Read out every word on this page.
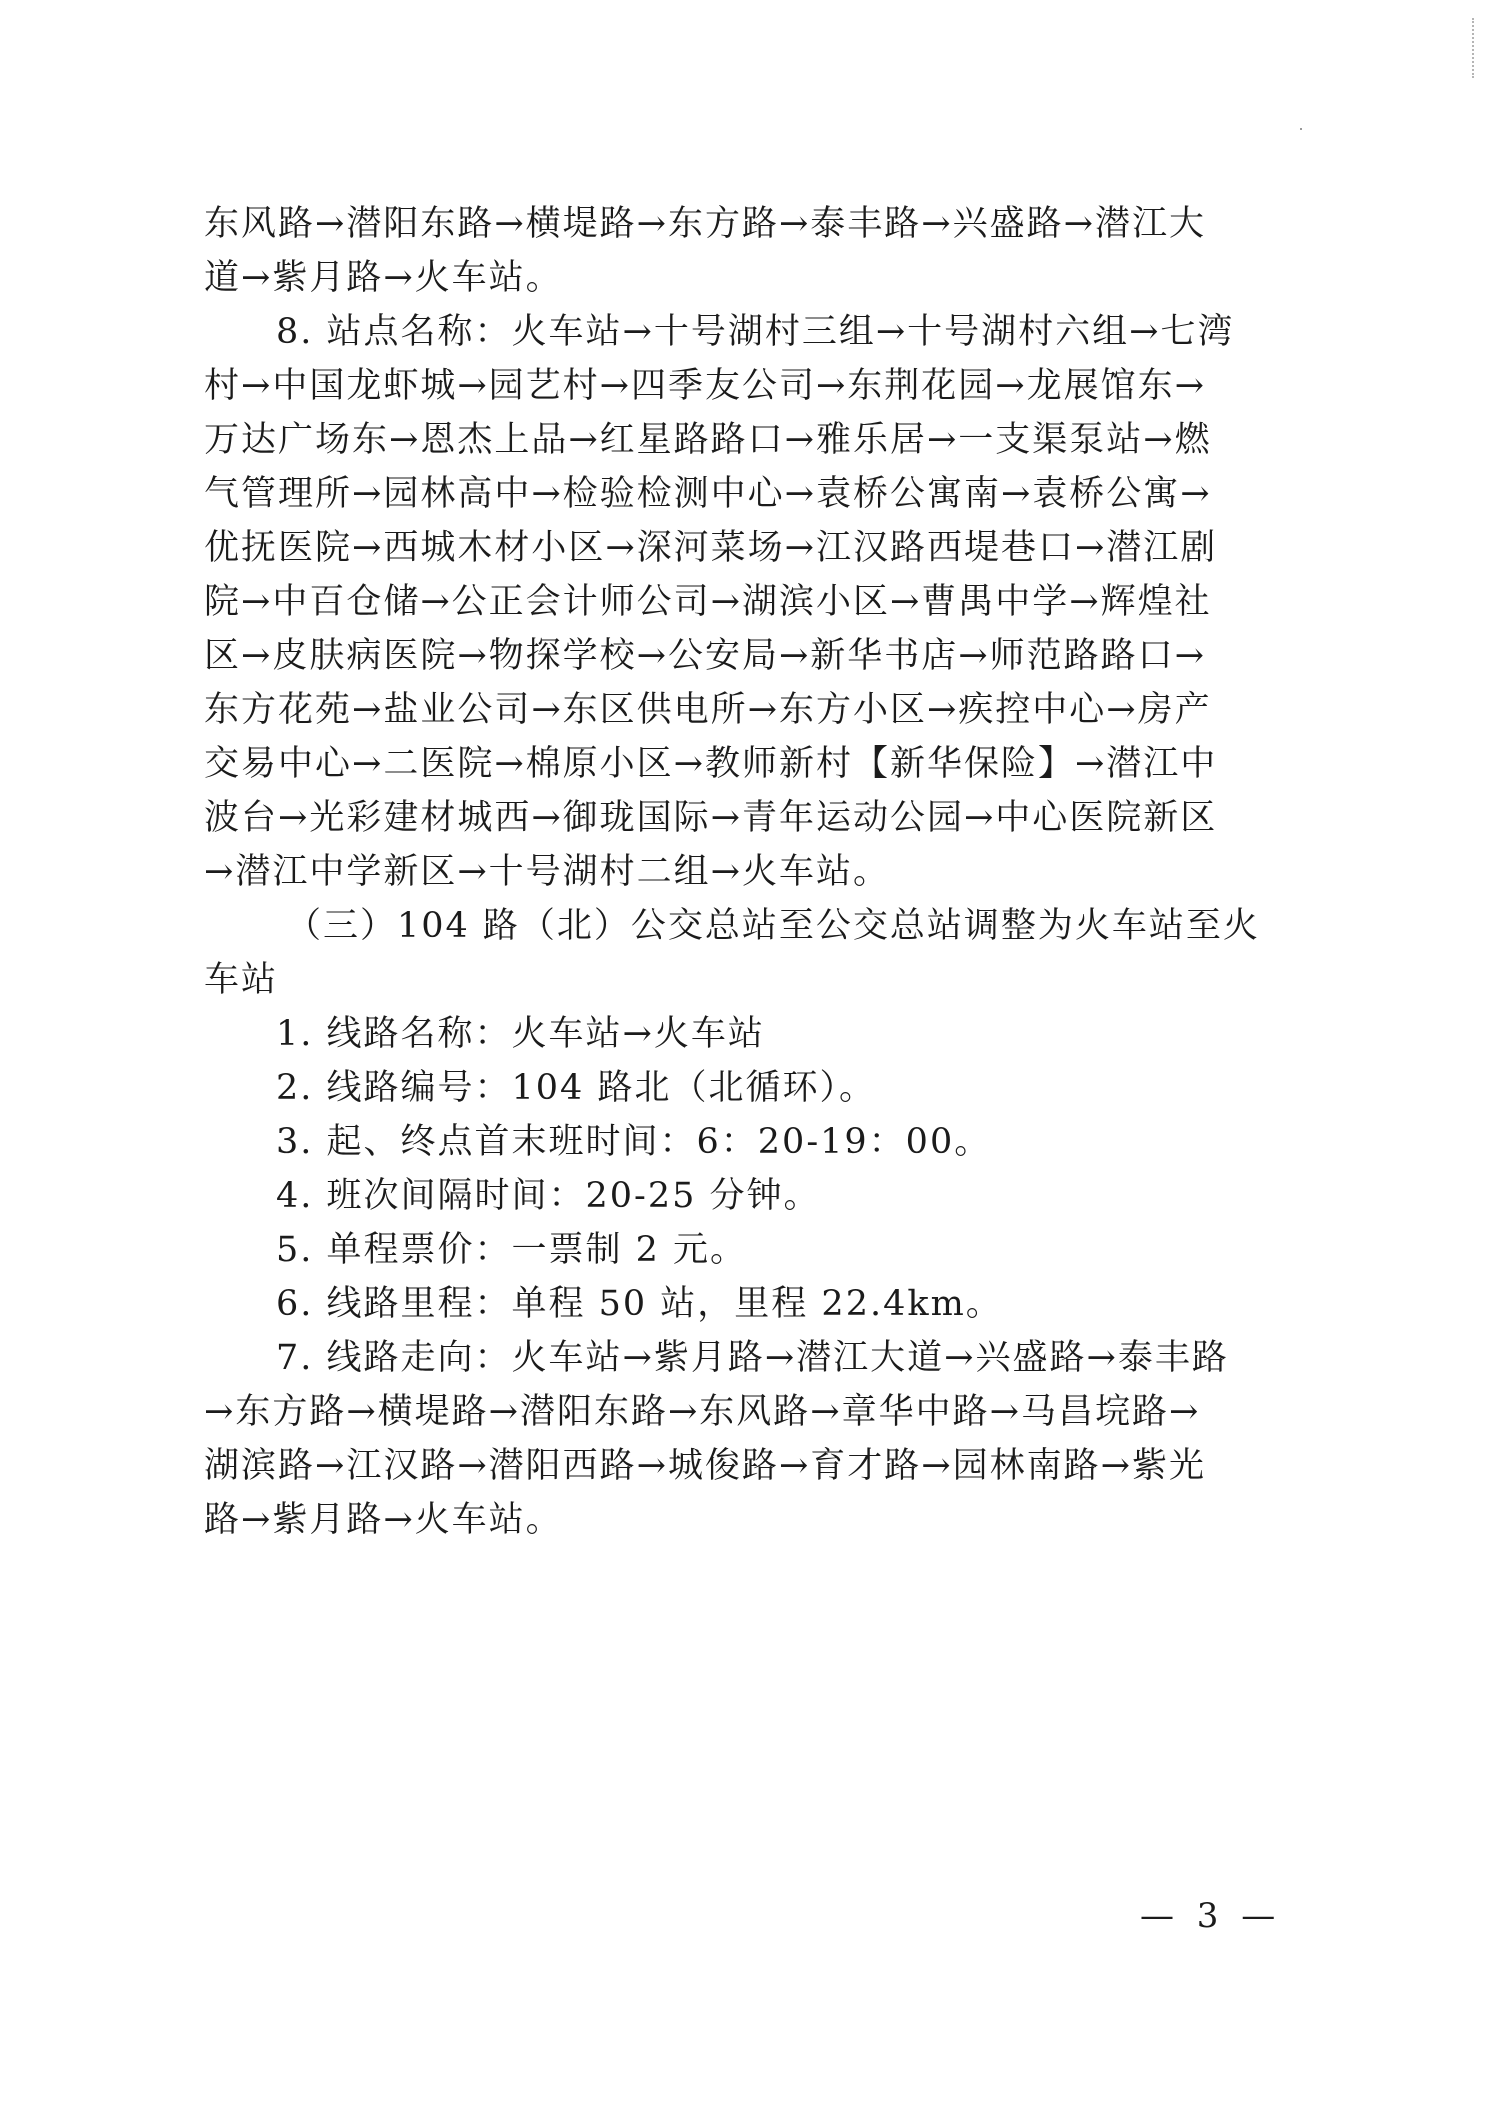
东风路→潜阳东路→横堤路→东方路→泰丰路→兴盛路→潜江大
道→紫月路→火车站。
8. 站点名称：火车站→十号湖村三组→十号湖村六组→七湾
村→中国龙虾城→园艺村→四季友公司→东荆花园→龙展馆东→
万达广场东→恩杰上品→红星路路口→雅乐居→一支渠泵站→燃
气管理所→园林高中→检验检测中心→袁桥公寓南→袁桥公寓→
优抚医院→西城木材小区→深河菜场→江汉路西堤巷口→潜江剧
院→中百仓储→公正会计师公司→湖滨小区→曹禺中学→辉煌社
区→皮肤病医院→物探学校→公安局→新华书店→师范路路口→
东方花苑→盐业公司→东区供电所→东方小区→疾控中心→房产
交易中心→二医院→棉原小区→教师新村【新华保险】→潜江中
波台→光彩建材城西→御珑国际→青年运动公园→中心医院新区
→潜江中学新区→十号湖村二组→火车站。
（三）104 路（北）公交总站至公交总站调整为火车站至火
车站
1. 线路名称：火车站→火车站
2. 线路编号：104 路北（北循环）。
3. 起、终点首末班时间：6：20-19：00。
4. 班次间隔时间：20-25 分钟。
5. 单程票价：一票制 2 元。
6. 线路里程：单程 50 站，里程 22.4km。
7. 线路走向：火车站→紫月路→潜江大道→兴盛路→泰丰路
→东方路→横堤路→潜阳东路→东风路→章华中路→马昌垸路→
湖滨路→江汉路→潜阳西路→城俊路→育才路→园林南路→紫光
路→紫月路→火车站。
— 3 —
